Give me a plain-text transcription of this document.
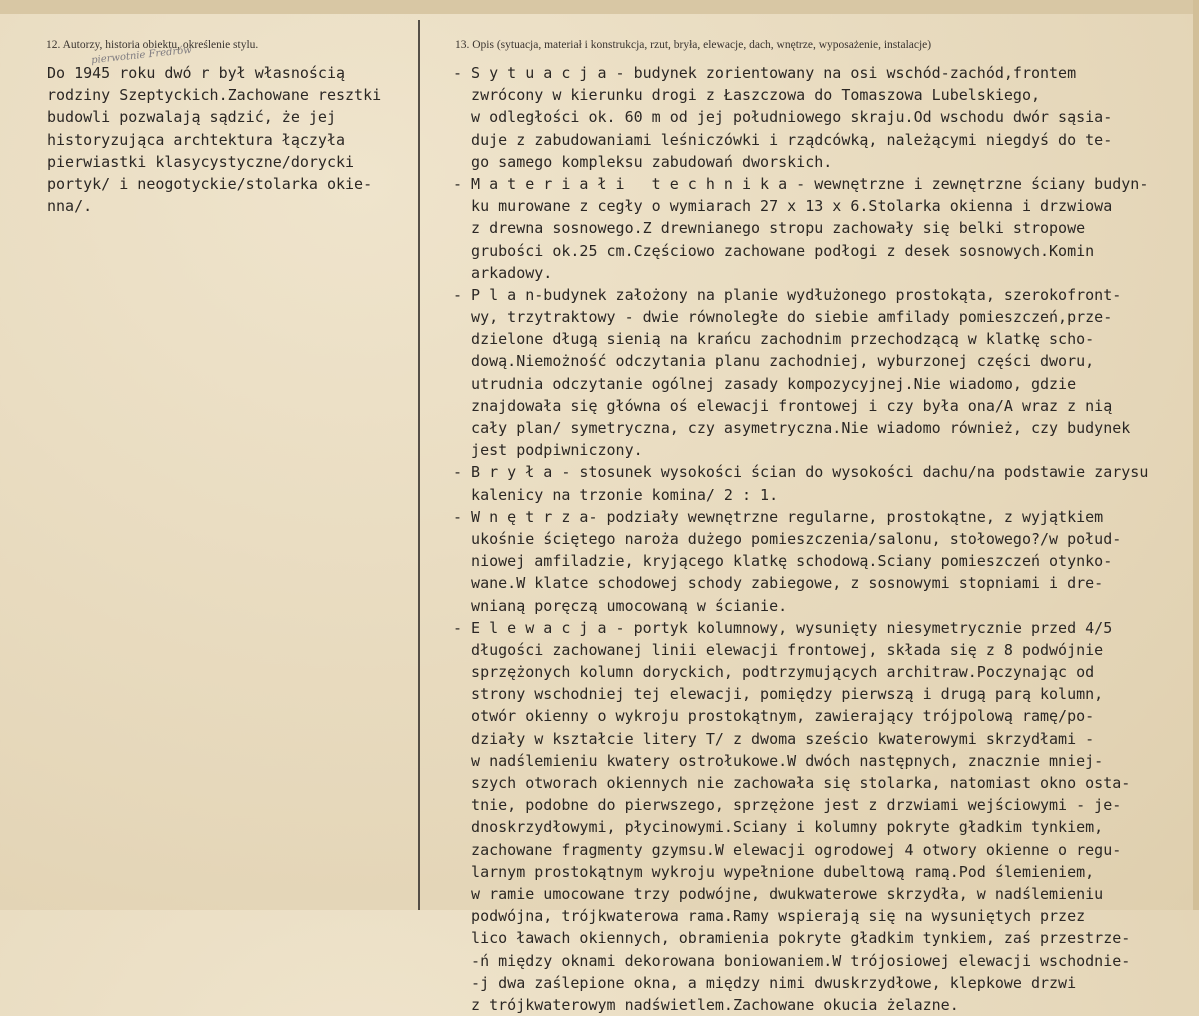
12. Autorzy, historia obiektu, określenie stylu.	13. Opis (sytuacja, materiał i konstrukcja, rzut, bryła, elewacje, dach, wnętrze, wyposażenie, instalacje)
pierwotnie Fredrów
Do 1945 roku dwó r był własnością
rodziny Szeptyckich.Zachowane resztki
budowli pozwalają sądzić, że jej
historyzująca archtektura łączyła
pierwiastki klasycystyczne/dorycki
portyk/ i neogotyckie/stolarka okie-
nna/.
- S y t u a c j a - budynek zorientowany na osi wschód-zachód,frontem
zwrócony w kierunku drogi z Łaszczowa do Tomaszowa Lubelskiego,
w odległości ok. 60 m od jej południowego skraju.Od wschodu dwór sąsia-
duje z zabudowaniami leśniczówki i rządcówką, należącymi niegdyś do te-
go samego kompleksu zabudowań dworskich.
- M a t e r i a ł i   t e c h n i k a - wewnętrzne i zewnętrzne ściany budyn-
ku murowane z cegły o wymiarach 27 x 13 x 6.Stolarka okienna i drzwiowa
z drewna sosnowego.Z drewnianego stropu zachowały się belki stropowe
grubości ok.25 cm.Częściowo zachowane podłogi z desek sosnowych.Komin
arkadowy.
- P l a n-budynek założony na planie wydłużonego prostokąta, szerokofront-
wy, trzytraktowy - dwie równoległe do siebie amfilady pomieszczeń,prze-
dzielone długą sienią na krańcu zachodnim przechodzącą w klatkę scho-
dową.Niemożność odczytania planu zachodniej, wyburzonej części dworu,
utrudnia odczytanie ogólnej zasady kompozycyjnej.Nie wiadomo, gdzie
znajdowała się główna oś elewacji frontowej i czy była ona/A wraz z nią
cały plan/ symetryczna, czy asymetryczna.Nie wiadomo również, czy budynek
jest podpiwniczony.
- B r y ł a - stosunek wysokości ścian do wysokości dachu/na podstawie zarysu
kalenicy na trzonie komina/ 2 : 1.
- W n ę t r z a- podziały wewnętrzne regularne, prostokątne, z wyjątkiem
ukośnie ściętego naroża dużego pomieszczenia/salonu, stołowego?/w połud-
niowej amfiladzie, kryjącego klatkę schodową.Sciany pomieszczeń otynko-
wane.W klatce schodowej schody zabiegowe, z sosnowymi stopniami i dre-
wnianą poręczą umocowaną w ścianie.
- E l e w a c j a - portyk kolumnowy, wysunięty niesymetrycznie przed 4/5
długości zachowanej linii elewacji frontowej, składa się z 8 podwójnie
sprzężonych kolumn doryckich, podtrzymujących architraw.Poczynając od
strony wschodniej tej elewacji, pomiędzy pierwszą i drugą parą kolumn,
otwór okienny o wykroju prostokątnym, zawierający trójpolową ramę/po-
działy w kształcie litery T/ z dwoma sześcio kwaterowymi skrzydłami -
w nadślemieniu kwatery ostrołukowe.W dwóch następnych, znacznie mniej-
szych otworach okiennych nie zachowała się stolarka, natomiast okno osta-
tnie, podobne do pierwszego, sprzężone jest z drzwiami wejściowymi - je-
dnoskrzydłowymi, płycinowymi.Sciany i kolumny pokryte gładkim tynkiem,
zachowane fragmenty gzymsu.W elewacji ogrodowej 4 otwory okienne o regu-
larnym prostokątnym wykroju wypełnione dubeltową ramą.Pod ślemieniem,
w ramie umocowane trzy podwójne, dwukwaterowe skrzydła, w nadślemieniu
podwójna, trójkwaterowa rama.Ramy wspierają się na wysuniętych przez
lico ławach okiennych, obramienia pokryte gładkim tynkiem, zaś przestrze-
-ń między oknami dekorowana boniowaniem.W trójosiowej elewacji wschodnie-
-j dwa zaślepione okna, a między nimi dwuskrzydłowe, klepkowe drzwi
z trójkwaterowym nadświetlem.Zachowane okucia żelazne.
